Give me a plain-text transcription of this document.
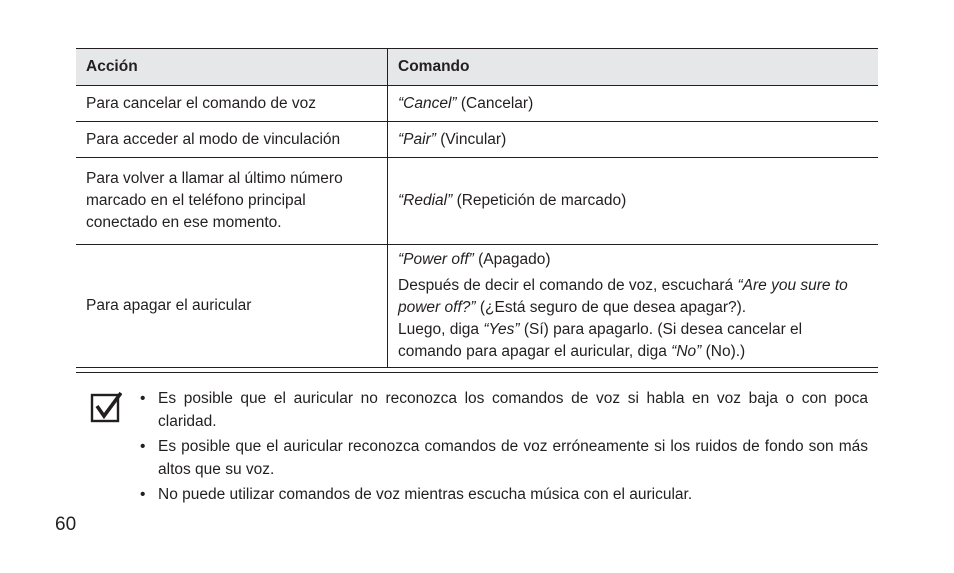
Acción	Comando
Para cancelar el comando de voz	“Cancel” (Cancelar)
Para acceder al modo de vinculación	“Pair” (Vincular)
Para volver a llamar al último número marcado en el teléfono principal conectado en ese momento.	“Redial” (Repetición de marcado)
Para apagar el auricular	“Power off” (Apagado)
Después de decir el comando de voz, escuchará “Are you sure to power off?” (¿Está seguro de que desea apagar?).
Luego, diga “Yes” (Sí) para apagarlo. (Si desea cancelar el comando para apagar el auricular, diga “No” (No).)
• Es posible que el auricular no reconozca los comandos de voz si habla en voz baja o con poca claridad.
• Es posible que el auricular reconozca comandos de voz erróneamente si los ruidos de fondo son más altos que su voz.
• No puede utilizar comandos de voz mientras escucha música con el auricular.
60
